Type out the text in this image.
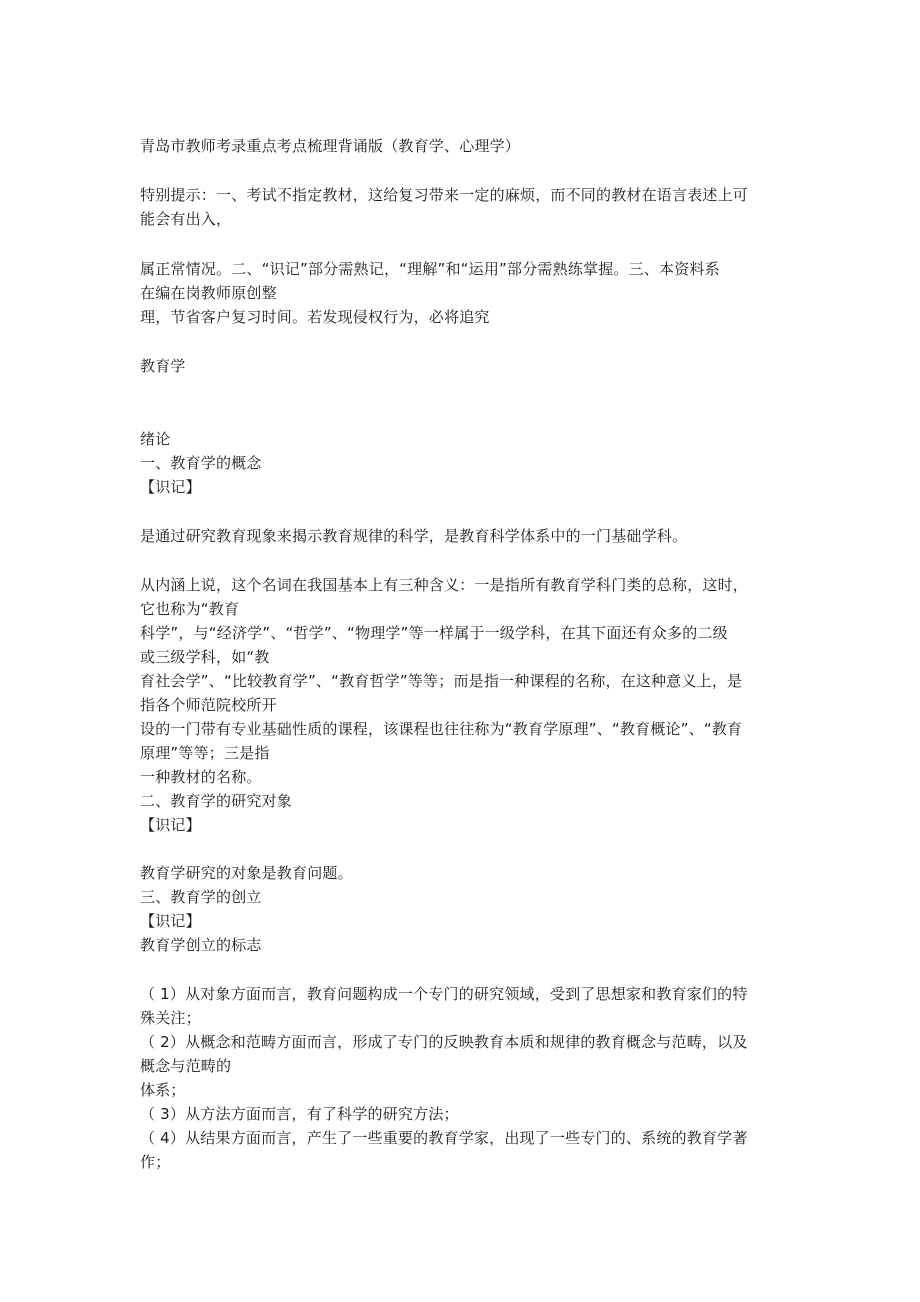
青岛市教师考录重点考点梳理背诵版（教育学、心理学）
特别提示：一、考试不指定教材，这给复习带来一定的麻烦，而不同的教材在语言表述上可
能会有出入，
属正常情况。二、“识记”部分需熟记，“理解”和“运用”部分需熟练掌握。三、本资料系
在编在岗教师原创整
理，节省客户复习时间。若发现侵权行为，必将追究
教育学
绪论
一、教育学的概念
【识记】
是通过研究教育现象来揭示教育规律的科学，是教育科学体系中的一门基础学科。
从内涵上说，这个名词在我国基本上有三种含义：一是指所有教育学科门类的总称，这时，
它也称为“教育
科学”，与“经济学”、“哲学”、“物理学”等一样属于一级学科，在其下面还有众多的二级
或三级学科，如“教
育社会学”、“比较教育学”、“教育哲学”等等；而是指一种课程的名称，在这种意义上，是
指各个师范院校所开
设的一门带有专业基础性质的课程，该课程也往往称为“教育学原理”、“教育概论”、“教育
原理”等等；三是指
一种教材的名称。
二、教育学的研究对象
【识记】
教育学研究的对象是教育问题。
三、教育学的创立
【识记】
教育学创立的标志
（ 1）从对象方面而言，教育问题构成一个专门的研究领域，受到了思想家和教育家们的特
殊关注；
（ 2）从概念和范畴方面而言，形成了专门的反映教育本质和规律的教育概念与范畴，以及
概念与范畴的
体系；
（ 3）从方法方面而言，有了科学的研究方法；
（ 4）从结果方面而言，产生了一些重要的教育学家，出现了一些专门的、系统的教育学著
作；
